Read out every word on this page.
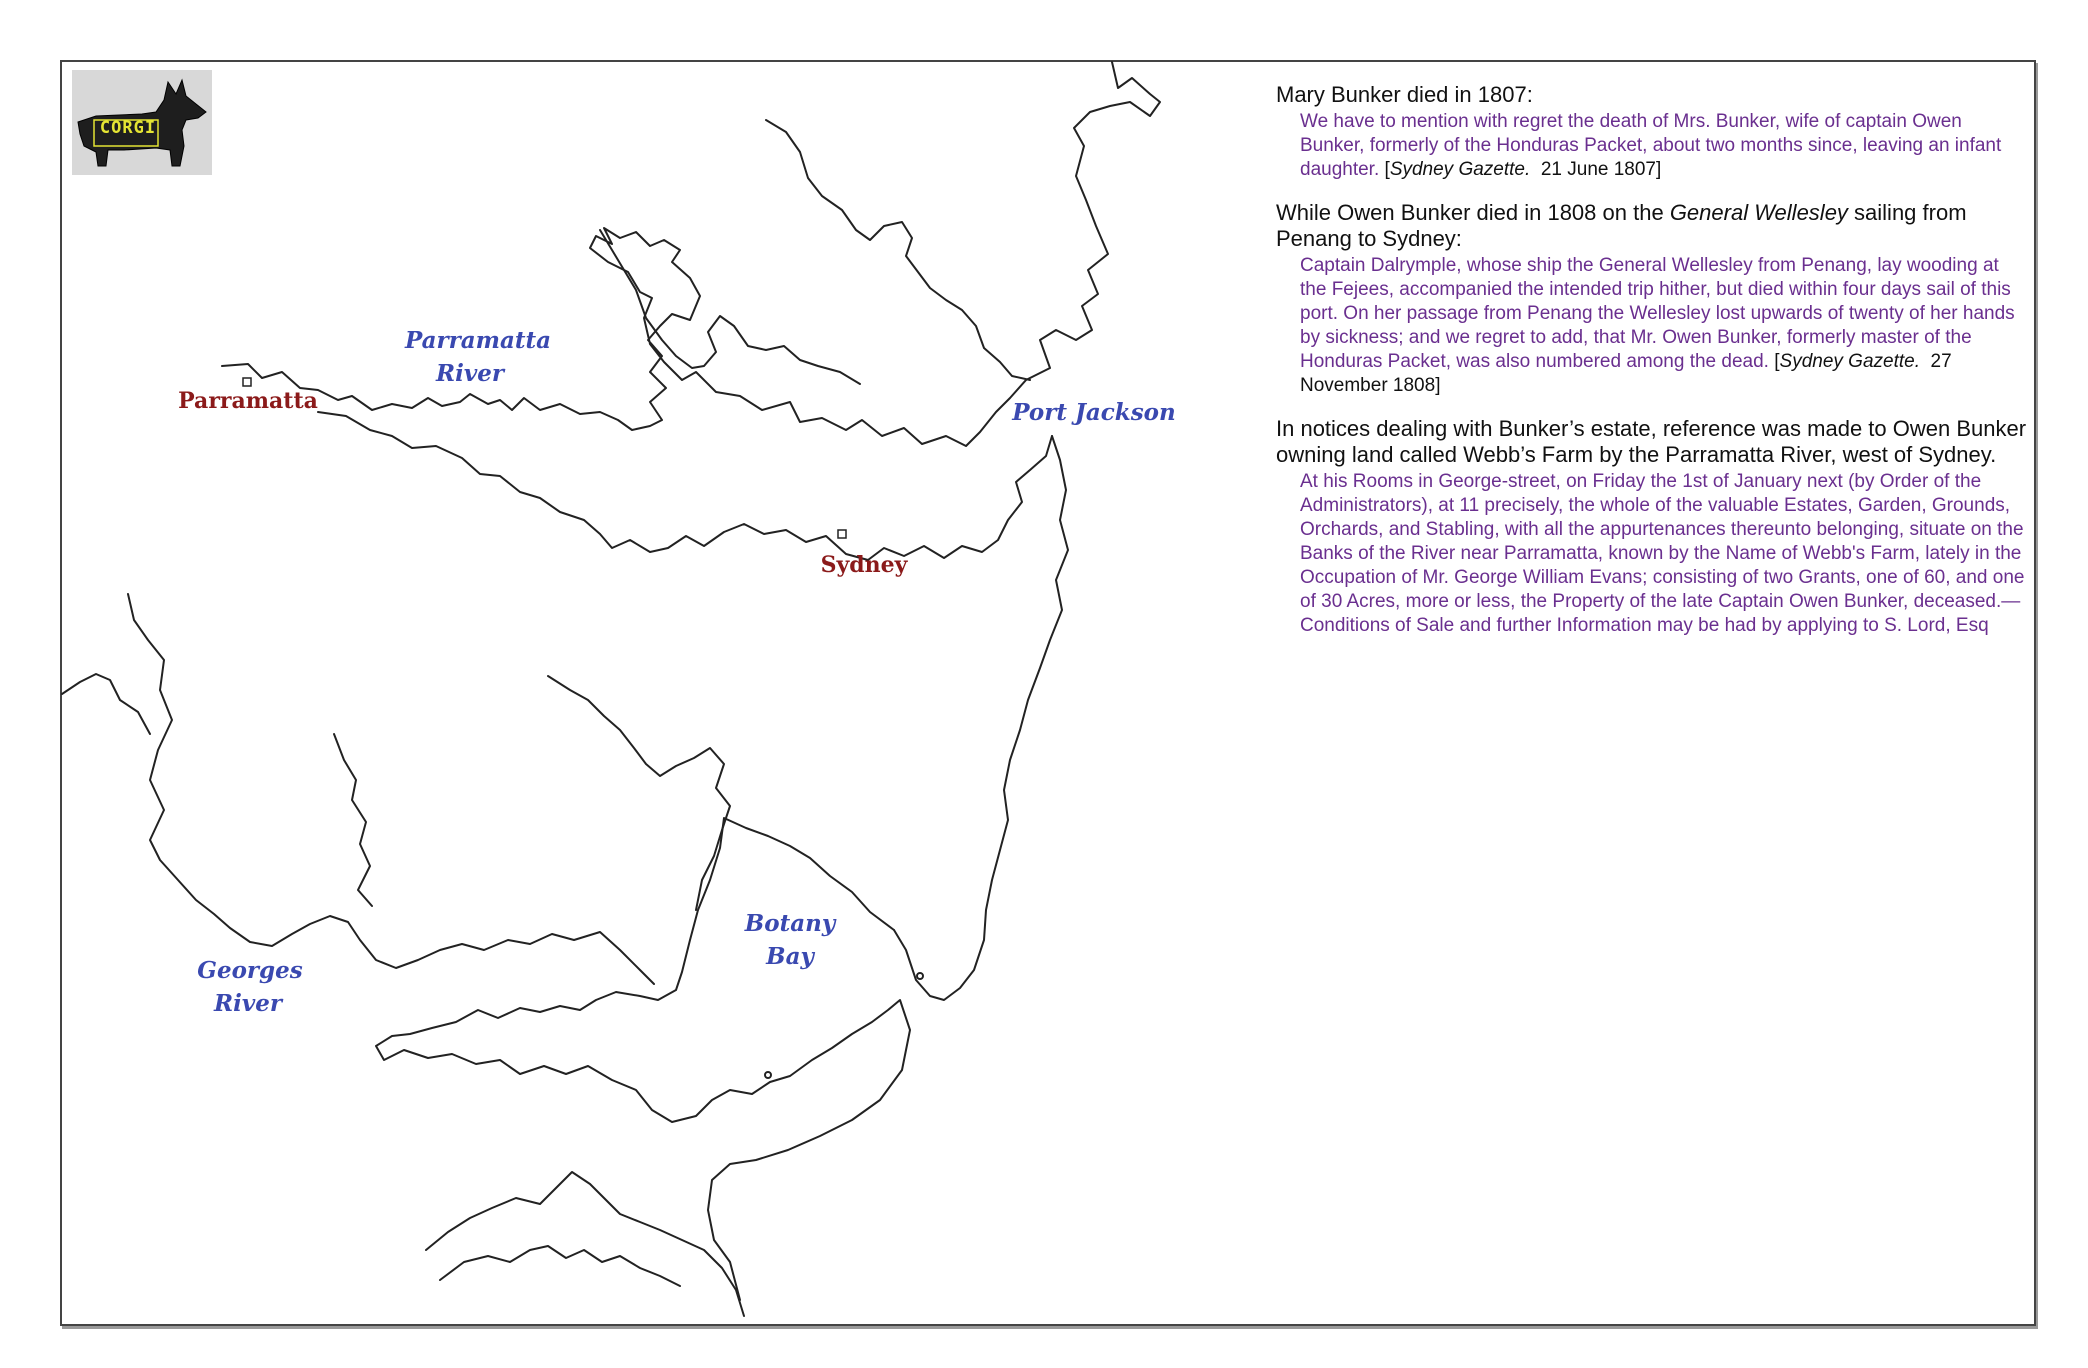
Parramatta
River
Port Jackson
Botany
Bay
Georges
River
Parramatta
Sydney
CORGI
Mary Bunker died in 1807:
We have to mention with regret the death of Mrs. Bunker, wife of captain Owen Bunker, formerly of the Honduras Packet, about two months since, leaving an infant daughter. [Sydney Gazette. 21 June 1807]
While Owen Bunker died in 1808 on the General Wellesley sailing from Penang to Sydney:
Captain Dalrymple, whose ship the General Wellesley from Penang, lay wooding at the Fejees, accompanied the intended trip hither, but died within four days sail of this port. On her passage from Penang the Wellesley lost upwards of twenty of her hands by sickness; and we regret to add, that Mr. Owen Bunker, formerly master of the Honduras Packet, was also numbered among the dead. [Sydney Gazette. 27 November 1808]
In notices dealing with Bunker’s estate, reference was made to Owen Bunker owning land called Webb’s Farm by the Parramatta River, west of Sydney.
At his Rooms in George-street, on Friday the 1st of January next (by Order of the Administrators), at 11 precisely, the whole of the valuable Estates, Garden, Grounds, Orchards, and Stabling, with all the appurtenances thereunto belonging, situate on the Banks of the River near Parramatta, known by the Name of Webb's Farm, lately in the Occupation of Mr. George William Evans; consisting of two Grants, one of 60, and one of 30 Acres, more or less, the Property of the late Captain Owen Bunker, deceased.— Conditions of Sale and further Information may be had by applying to S. Lord, Esq
